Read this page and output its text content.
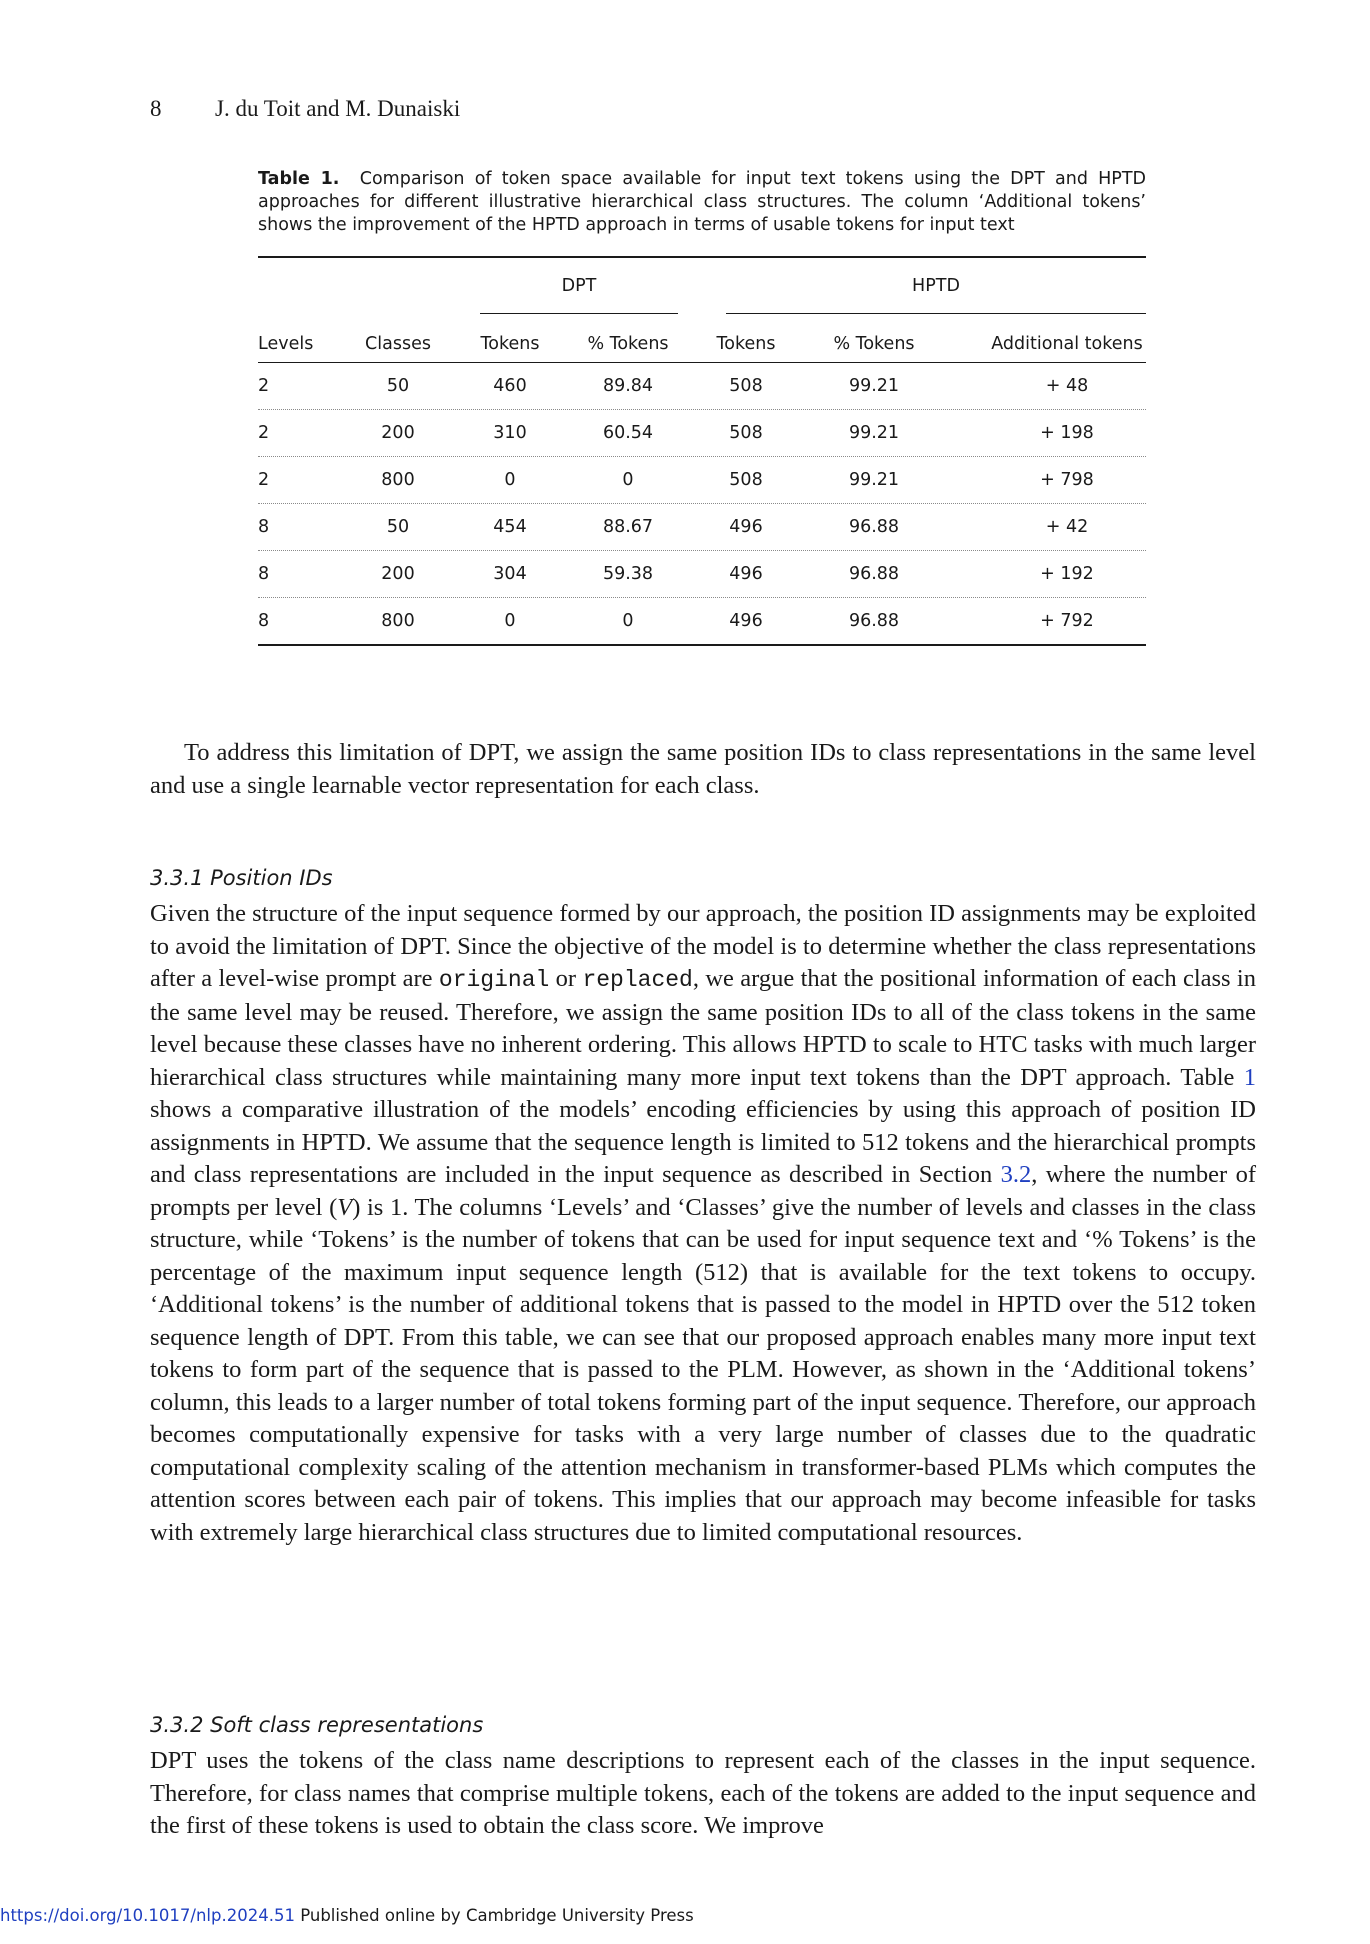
8 J. du Toit and M. Dunaiski
Table 1. Comparison of token space available for input text tokens using the DPT and HPTD approaches for different illustrative hierarchical class structures. The column ‘Additional tokens’ shows the improvement of the HPTD approach in terms of usable tokens for input text
DPT	HPTD
Levels	Classes	Tokens	% Tokens	Tokens	% Tokens	Additional tokens
2	50	460	89.84	508	99.21	+ 48
2	200	310	60.54	508	99.21	+ 198
2	800	0	0	508	99.21	+ 798
8	50	454	88.67	496	96.88	+ 42
8	200	304	59.38	496	96.88	+ 192
8	800	0	0	496	96.88	+ 792

To address this limitation of DPT, we assign the same position IDs to class representations in the same level and use a single learnable vector representation for each class.

3.3.1 Position IDs

Given the structure of the input sequence formed by our approach, the position ID assignments may be exploited to avoid the limitation of DPT. Since the objective of the model is to determine whether the class representations after a level-wise prompt are original or replaced, we argue that the positional information of each class in the same level may be reused. Therefore, we assign the same position IDs to all of the class tokens in the same level because these classes have no inherent ordering. This allows HPTD to scale to HTC tasks with much larger hierarchical class structures while maintaining many more input text tokens than the DPT approach. Table 1 shows a comparative illustration of the models’ encoding efficiencies by using this approach of position ID assignments in HPTD. We assume that the sequence length is limited to 512 tokens and the hierarchical prompts and class representations are included in the input sequence as described in Section 3.2, where the number of prompts per level (V) is 1. The columns ‘Levels’ and ‘Classes’ give the number of levels and classes in the class structure, while ‘Tokens’ is the number of tokens that can be used for input sequence text and ‘% Tokens’ is the percentage of the maximum input sequence length (512) that is available for the text tokens to occupy. ‘Additional tokens’ is the number of additional tokens that is passed to the model in HPTD over the 512 token sequence length of DPT. From this table, we can see that our proposed approach enables many more input text tokens to form part of the sequence that is passed to the PLM. However, as shown in the ‘Additional tokens’ column, this leads to a larger number of total tokens forming part of the input sequence. Therefore, our approach becomes computationally expensive for tasks with a very large number of classes due to the quadratic computational complexity scaling of the attention mechanism in transformer-based PLMs which computes the attention scores between each pair of tokens. This implies that our approach may become infeasible for tasks with extremely large hierarchical class structures due to limited computational resources.

3.3.2 Soft class representations

DPT uses the tokens of the class name descriptions to represent each of the classes in the input sequence. Therefore, for class names that comprise multiple tokens, each of the tokens are added to the input sequence and the first of these tokens is used to obtain the class score. We improve

https://doi.org/10.1017/nlp.2024.51 Published online by Cambridge University Press
